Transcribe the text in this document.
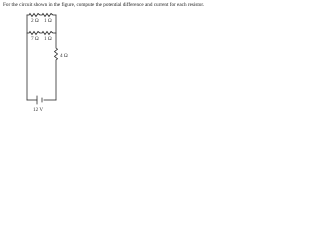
For the circuit shown in the figure, compute the potential difference and current for each resistor.

2 Ω 1 Ω
7 Ω 1 Ω
4 Ω
12 V
